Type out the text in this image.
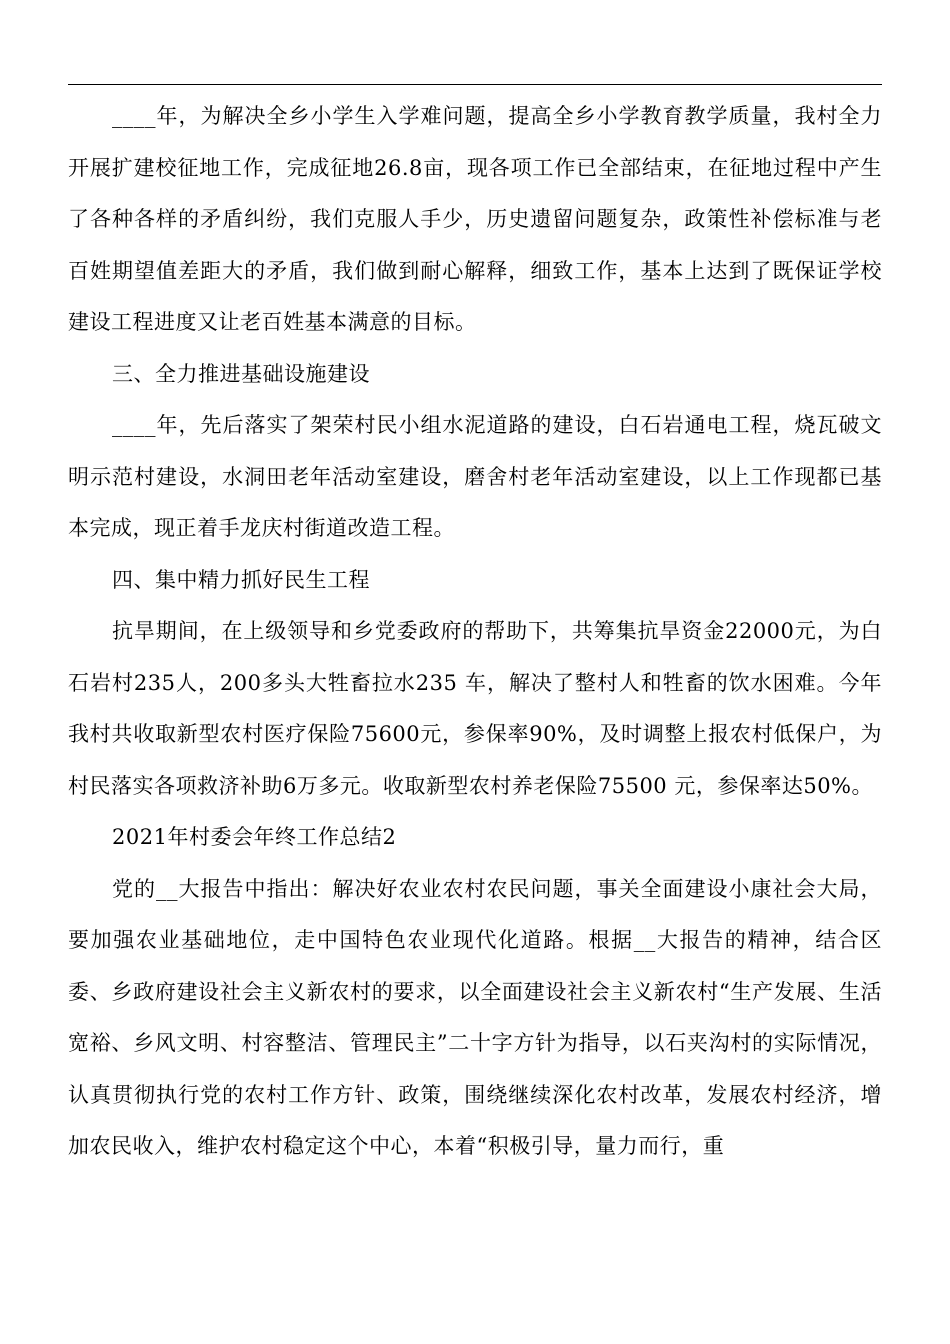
____年，为解决全乡小学生入学难问题，提高全乡小学教育教学质量，我村全力开展扩建校征地工作，完成征地26.8亩，现各项工作已全部结束，在征地过程中产生了各种各样的矛盾纠纷，我们克服人手少，历史遗留问题复杂，政策性补偿标准与老百姓期望值差距大的矛盾，我们做到耐心解释，细致工作，基本上达到了既保证学校建设工程进度又让老百姓基本满意的目标。

三、全力推进基础设施建设

____年，先后落实了架荣村民小组水泥道路的建设，白石岩通电工程，烧瓦破文明示范村建设，水洞田老年活动室建设，磨舍村老年活动室建设，以上工作现都已基本完成，现正着手龙庆村街道改造工程。

四、集中精力抓好民生工程

抗旱期间，在上级领导和乡党委政府的帮助下，共筹集抗旱资金22000元，为白石岩村235人，200多头大牲畜拉水235 车，解决了整村人和牲畜的饮水困难。今年我村共收取新型农村医疗保险75600元，参保率90%，及时调整上报农村低保户，为村民落实各项救济补助6万多元。收取新型农村养老保险75500 元，参保率达50%。

2021年村委会年终工作总结2

党的__大报告中指出：解决好农业农村农民问题，事关全面建设小康社会大局，要加强农业基础地位，走中国特色农业现代化道路。根据__大报告的精神，结合区委、乡政府建设社会主义新农村的要求，以全面建设社会主义新农村“生产发展、生活宽裕、乡风文明、村容整洁、管理民主”二十字方针为指导，以石夹沟村的实际情况，认真贯彻执行党的农村工作方针、政策，围绕继续深化农村改革，发展农村经济，增加农民收入，维护农村稳定这个中心，本着“积极引导，量力而行，重
